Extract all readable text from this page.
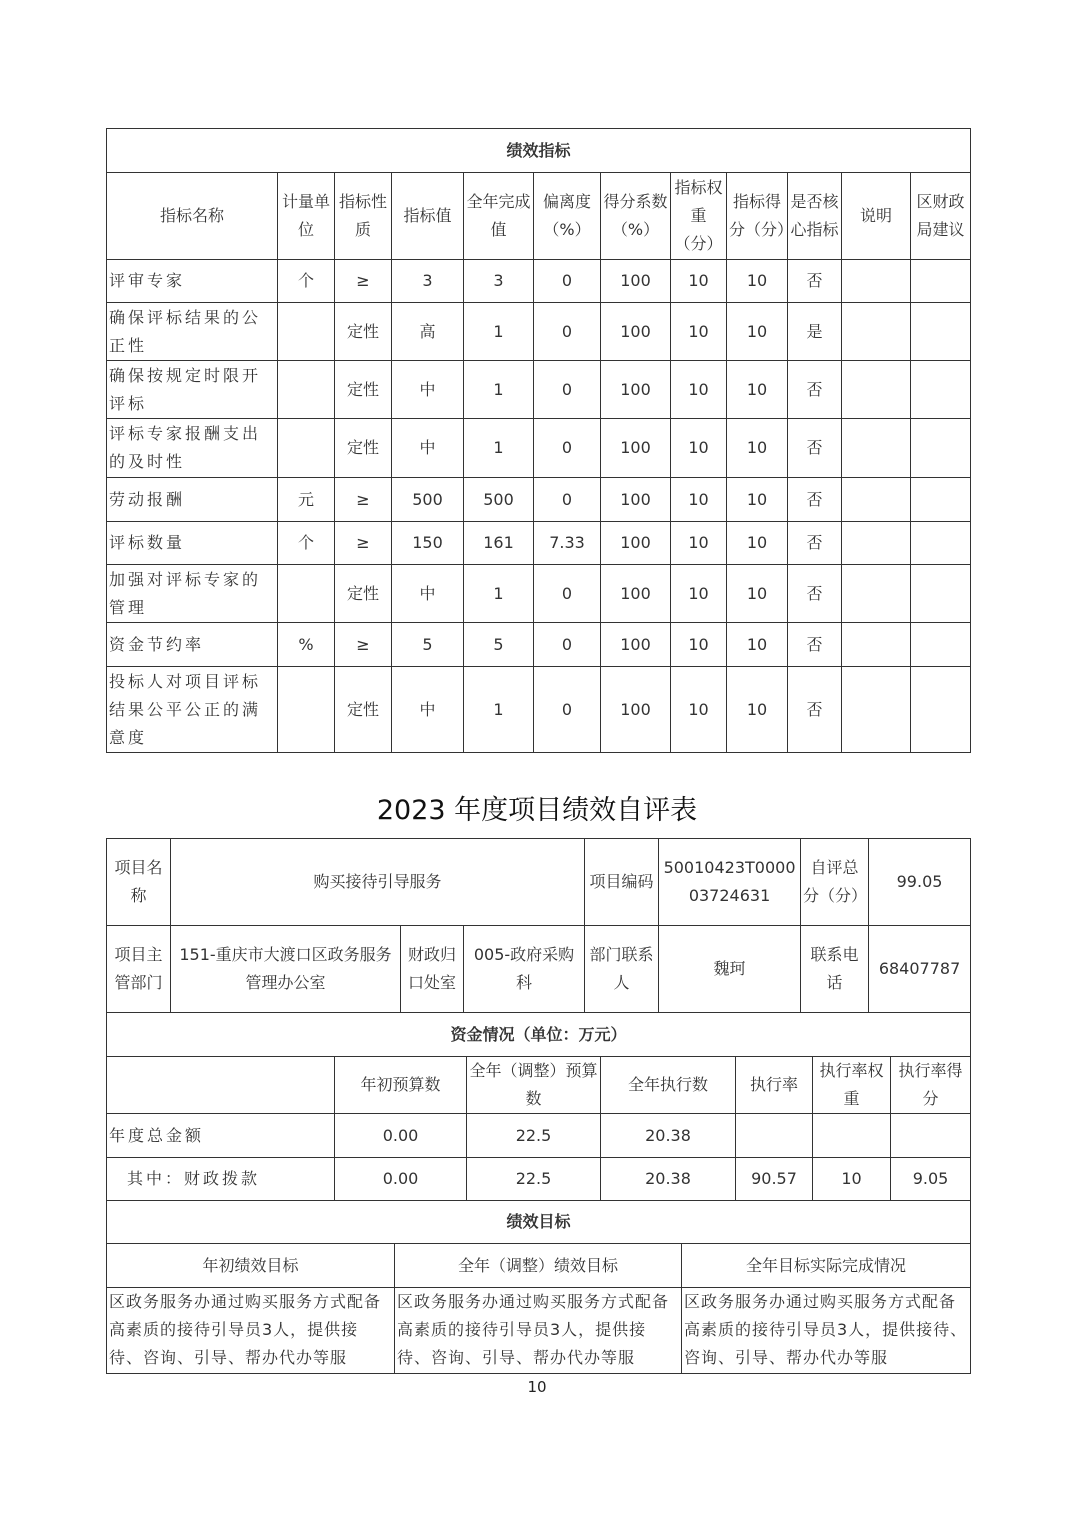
绩效指标											
指标名称	计量单位	指标性质	指标值	全年完成值	偏离度（%）	得分系数（%）	指标权重（分）	指标得分（分）	是否核心指标	说明	区财政局建议
评审专家	个	≥	3	3	0	100	10	10	否		
确保评标结果的公正性		定性	高	1	0	100	10	10	是		
确保按规定时限开评标		定性	中	1	0	100	10	10	否		
评标专家报酬支出的及时性		定性	中	1	0	100	10	10	否		
劳动报酬	元	≥	500	500	0	100	10	10	否		
评标数量	个	≥	150	161	7.33	100	10	10	否		
加强对评标专家的管理		定性	中	1	0	100	10	10	否		
资金节约率	%	≥	5	5	0	100	10	10	否		
投标人对项目评标结果公平公正的满意度		定性	中	1	0	100	10	10	否		
2023 年度项目绩效自评表
项目名称	购买接待引导服务			项目编码	50010423T000003724631	自评总分（分）	99.05
项目主管部门	151-重庆市大渡口区政务服务管理办公室	财政归口处室	005-政府采购科	部门联系人	魏珂	联系电话	68407787
资金情况（单位：万元）						
	年初预算数	全年（调整）预算数	全年执行数	执行率	执行率权重	执行率得分
年度总金额	0.00	22.5	20.38			
其中：财政拨款	0.00	22.5	20.38	90.57	10	9.05
绩效目标		
年初绩效目标	全年（调整）绩效目标	全年目标实际完成情况
区政务服务办通过购买服务方式配备高素质的接待引导员3人，提供接待、咨询、引导、帮办代办等服	区政务服务办通过购买服务方式配备高素质的接待引导员3人，提供接待、咨询、引导、帮办代办等服	区政务服务办通过购买服务方式配备高素质的接待引导员3人，提供接待、咨询、引导、帮办代办等服
10
